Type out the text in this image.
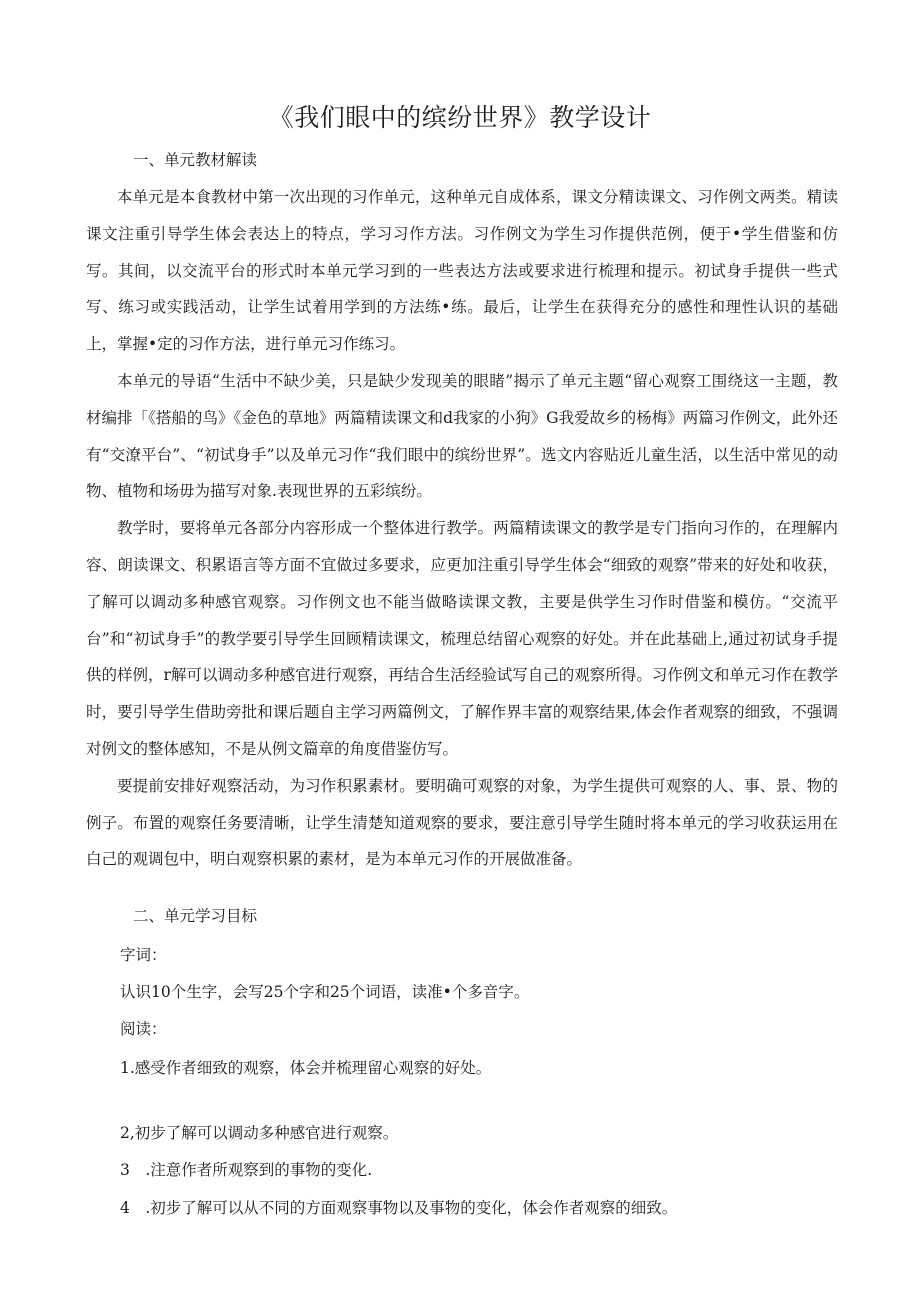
《我们眼中的缤纷世界》教学设计
一、单元教材解读

本单元是本食教材中第一次出现的习作单元，这种单元自成体系，课文分精读课文、习作例文两类。精读课文注重引导学生体会表达上的特点，学习习作方法。习作例文为学生习作提供范例，便于•学生借鉴和仿写。其间，以交流平台的形式时本单元学习到的一些表达方法或要求进行梳理和提示。初试身手提供一些式写、练习或实践活动，让学生试着用学到的方法练•练。最后，让学生在获得充分的感性和理性认识的基础上，掌握•定的习作方法，进行单元习作练习。

本单元的导语“生活中不缺少美，只是缺少发现美的眼睹”揭示了单元主题“留心观察工围绕这一主题，教材编排「《搭船的鸟》《金色的草地》两篇精读课文和d我家的小狗》G我爱故乡的杨梅》两篇习作例文，此外还有“交潦平台”、“初试身手”以及单元习作“我们眼中的缤纷世界”。选文内容贴近儿童生活，以生活中常见的动物、植物和场毋为描写对象.表现世界的五彩缤纷。

教学时，要将单元各部分内容形成一个整体进行教学。两篇精读课文的教学是专门指向习作的，在理解内容、朗读课文、积累语言等方面不宜做过多要求，应更加注重引导学生体会“细致的观察”带来的好处和收获，了解可以调动多种感官观察。习作例文也不能当做略读课文教，主要是供学生习作时借鉴和模仿。“交流平台”和“初试身手”的教学要引导学生回顾精读课文，梳理总结留心观察的好处。并在此基础上,通过初试身手提供的样例，r解可以调动多种感官进行观察，再结合生活经验试写自己的观察所得。习作例文和单元习作在教学时，要引导学生借助旁批和课后题自主学习两篇例文，了解作界丰富的观察结果,体会作者观察的细致，不强调对例文的整体感知，不是从例文篇章的角度借鉴仿写。

要提前安排好观察活动，为习作积累素材。要明确可观察的对象，为学生提供可观察的人、事、景、物的例子。布置的观察任务要清晰，让学生清楚知道观察的要求，要注意引导学生随时将本单元的学习收获运用在白己的观调包中，明白观察枳累的素材，是为本单元习作的开展做准备。

二、单元学习目标
字词：
认识10个生字，会写25个字和25个词语，读准•个多音字。
阅读：
1.感受作者细致的观察，体会并梳理留心观察的好处。
2,初步了解可以调动多种感官进行观察。
3　.注意作者所观察到的事物的变化.
4　.初步了解可以从不同的方面观察事物以及事物的变化，体会作者观察的细致。
